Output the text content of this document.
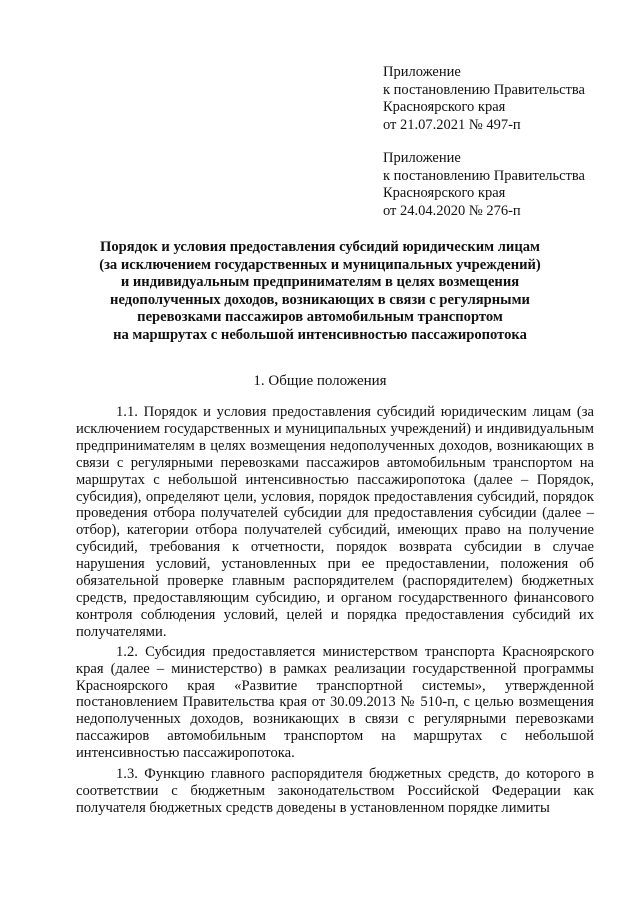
Приложение
к постановлению Правительства
Красноярского края
от 21.07.2021 № 497-п
Приложение
к постановлению Правительства
Красноярского края
от 24.04.2020 № 276-п
Порядок и условия предоставления субсидий юридическим лицам
(за исключением государственных и муниципальных учреждений)
и индивидуальным предпринимателям в целях возмещения
недополученных доходов, возникающих в связи с регулярными
перевозками пассажиров автомобильным транспортом
на маршрутах с небольшой интенсивностью пассажиропотока
1. Общие положения

1.1. Порядок и условия предоставления субсидий юридическим лицам (за исключением государственных и муниципальных учреждений) и индивидуальным предпринимателям в целях возмещения недополученных доходов, возникающих в связи с регулярными перевозками пассажиров автомобильным транспортом на маршрутах с небольшой интенсивностью пассажиропотока (далее – Порядок, субсидия), определяют цели, условия, порядок предоставления субсидий, порядок проведения отбора получателей субсидии для предоставления субсидии (далее – отбор), категории отбора получателей субсидий, имеющих право на получение субсидий, требования к отчетности, порядок возврата субсидии в случае нарушения условий, установленных при ее предоставлении, положения об обязательной проверке главным распорядителем (распорядителем) бюджетных средств, предоставляющим субсидию, и органом государственного финансового контроля соблюдения условий, целей и порядка предоставления субсидий их получателями.

1.2. Субсидия предоставляется министерством транспорта Красноярского края (далее – министерство) в рамках реализации государственной программы Красноярского края «Развитие транспортной системы», утвержденной постановлением Правительства края от 30.09.2013 № 510-п, с целью возмещения недополученных доходов, возникающих в связи с регулярными перевозками пассажиров автомобильным транспортом на маршрутах с небольшой интенсивностью пассажиропотока.

1.3. Функцию главного распорядителя бюджетных средств, до которого в соответствии с бюджетным законодательством Российской Федерации как получателя бюджетных средств доведены в установленном порядке лимиты
